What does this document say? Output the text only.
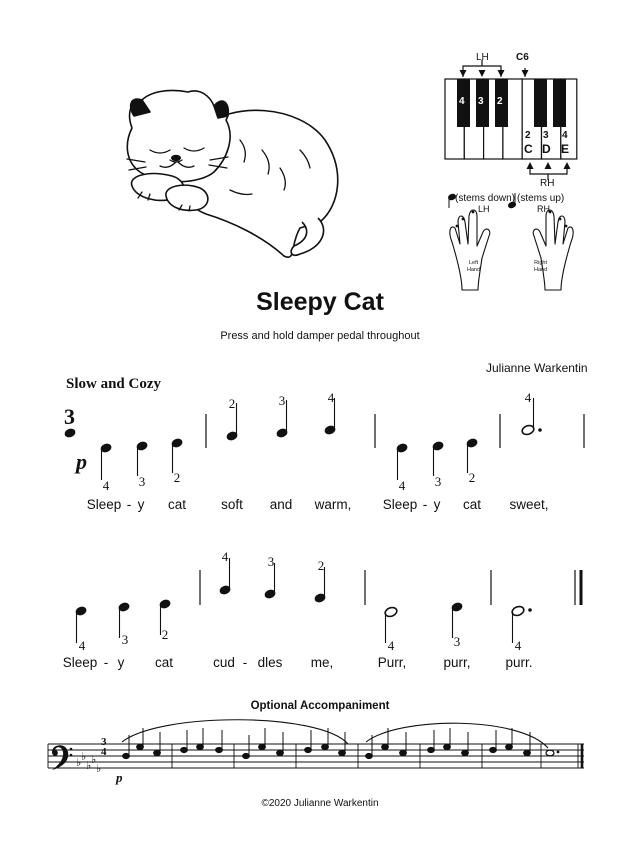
LH	C6
4 3 2
2 3 4
C D E
RH
(stems down) (stems up)
LH	RH
Left
Hand
Right
Hand
Sleepy Cat
Press and hold damper pedal throughout
Julianne Warkentin
Slow and Cozy
3
p
4 3 2
2	3	4
4 3 2
4
Sleep - y cat	soft and warm, Sleep - y cat sweet,
4	3	2
4	3	2
4	3	4
Sleep - y cat	cud - dles me,	Purr,	purr,	purr.
Optional Accompaniment
♭ ♭
♭ ♭
♭
3
4
p
©2020 Julianne Warkentin
